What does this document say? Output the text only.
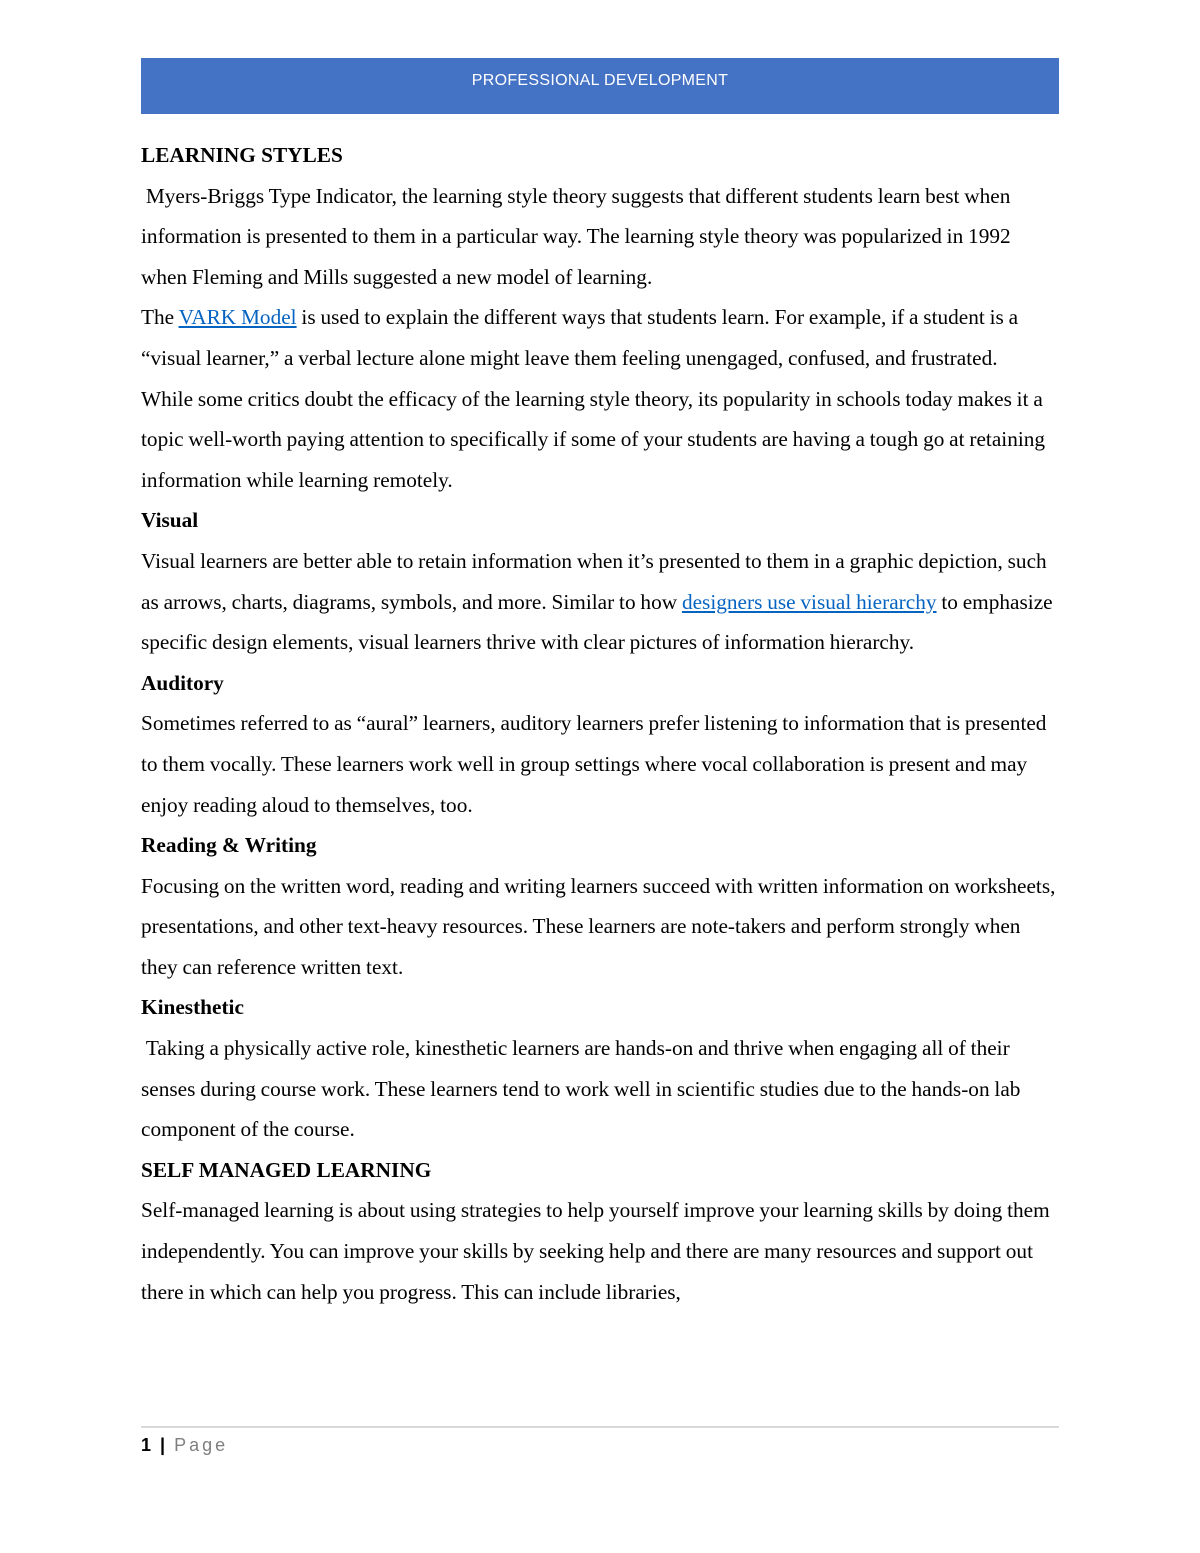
PROFESSIONAL DEVELOPMENT

LEARNING STYLES

Myers-Briggs Type Indicator, the learning style theory suggests that different students learn best when information is presented to them in a particular way. The learning style theory was popularized in 1992 when Fleming and Mills suggested a new model of learning.

The VARK Model is used to explain the different ways that students learn. For example, if a student is a “visual learner,” a verbal lecture alone might leave them feeling unengaged, confused, and frustrated.

While some critics doubt the efficacy of the learning style theory, its popularity in schools today makes it a topic well-worth paying attention to specifically if some of your students are having a tough go at retaining information while learning remotely.

Visual

Visual learners are better able to retain information when it’s presented to them in a graphic depiction, such as arrows, charts, diagrams, symbols, and more. Similar to how designers use visual hierarchy to emphasize specific design elements, visual learners thrive with clear pictures of information hierarchy.

Auditory

Sometimes referred to as “aural” learners, auditory learners prefer listening to information that is presented to them vocally. These learners work well in group settings where vocal collaboration is present and may enjoy reading aloud to themselves, too.

Reading & Writing

Focusing on the written word, reading and writing learners succeed with written information on worksheets, presentations, and other text-heavy resources. These learners are note-takers and perform strongly when they can reference written text.

Kinesthetic

Taking a physically active role, kinesthetic learners are hands-on and thrive when engaging all of their senses during course work. These learners tend to work well in scientific studies due to the hands-on lab component of the course.

SELF MANAGED LEARNING

Self-managed learning is about using strategies to help yourself improve your learning skills by doing them independently. You can improve your skills by seeking help and there are many resources and support out there in which can help you progress. This can include libraries,

1 | Page
